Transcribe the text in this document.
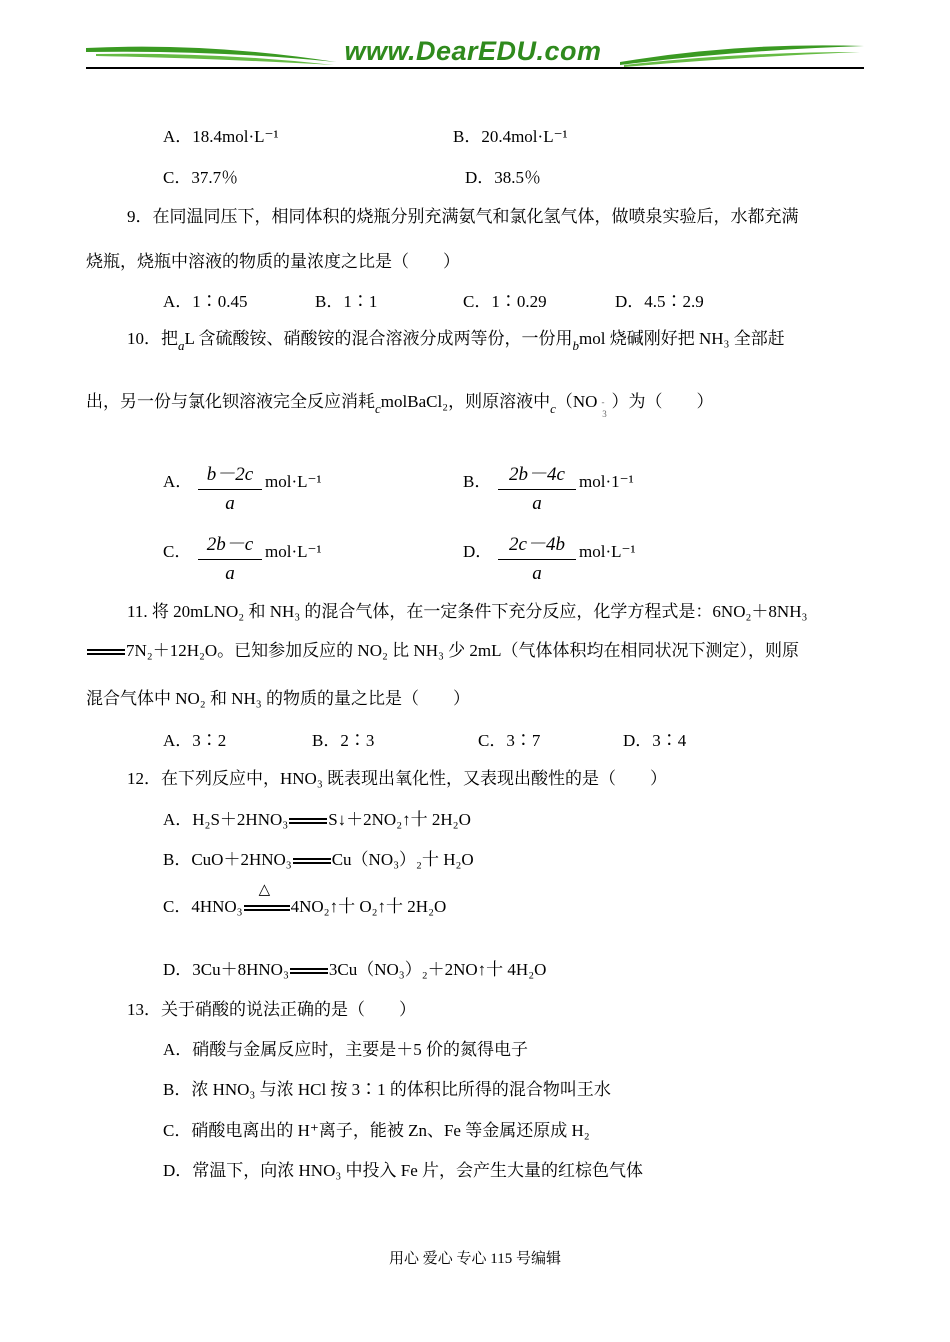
www.DearEDU.com
A．18.4mol·L⁻¹	B．20.4mol·L⁻¹
C．37.7％	D．38.5％
9．在同温同压下，相同体积的烧瓶分别充满氨气和氯化氢气体，做喷泉实验后，水都充满
烧瓶，烧瓶中溶液的物质的量浓度之比是（　　）
A．1∶0.45	B．1∶1	C．1∶0.29	D．4.5∶2.9
10．把$_a$L 含硫酸铵、硝酸铵的混合溶液分成两等份，一份用$_b$mol 烧碱刚好把 NH₃ 全部赶
出，另一份与氯化钡溶液完全反应消耗$_c$molBaCl₂，则原溶液中$_c$（NO -
3）为（　　）
A． b－2c
a
mol·L⁻¹	B． 2b－4c
a
mol·1⁻¹
C． 2b－c
a
mol·L⁻¹	D． 2c－4b
a
mol·L⁻¹
11. 将 20mLNO₂ 和 NH₃ 的混合气体，在一定条件下充分反应，化学方程式是：6NO₂＋8NH₃
7N₂＋12H₂O。已知参加反应的 NO₂ 比 NH₃ 少 2mL（气体体积均在相同状况下测定），则原
混合气体中 NO₂ 和 NH₃ 的物质的量之比是（　　）
A．3∶2	B．2∶3	C．3∶7	D．3∶4
12．在下列反应中，HNO₃ 既表现出氧化性，又表现出酸性的是（　　）
A．H₂S＋2HNO₃ S↓＋2NO₂↑十 2H₂O
B．CuO＋2HNO₃ Cu（NO₃）₂十 H₂O
C．4HNO₃
△
4NO₂↑十 O₂↑十 2H₂O
D．3Cu＋8HNO₃ 3Cu（NO₃）₂＋2NO↑十 4H₂O
13．关于硝酸的说法正确的是（　　）
A．硝酸与金属反应时，主要是＋5 价的氮得电子
B．浓 HNO₃ 与浓 HCl 按 3∶1 的体积比所得的混合物叫王水
C．硝酸电离出的 H⁺离子，能被 Zn、Fe 等金属还原成 H₂
D．常温下，向浓 HNO₃ 中投入 Fe 片，会产生大量的红棕色气体
用心 爱心 专心 115 号编辑
